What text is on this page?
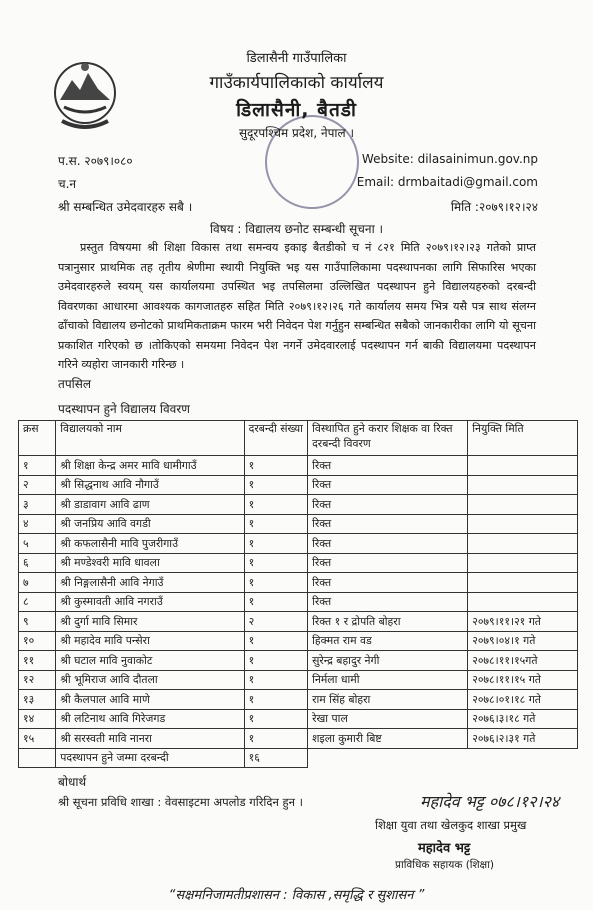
डिलासैनी गाउँपालिका
गाउँकार्यपालिकाको कार्यालय
डिलासैनी, बैतडी
सुदूरपश्चिम प्रदेश, नेपाल ।
प.स. २०७९।०८०
च.न
श्री सम्बन्धित उमेदवारहरु सबै ।
Website: dilasainimun.gov.np
Email: drmbaitadi@gmail.com
मिति :२०७९।१२।२४
विषय : विद्यालय छनोट सम्बन्धी सूचना ।
प्रस्तुत विषयमा श्री शिक्षा विकास तथा समन्वय इकाइ बैतडीको च नं ८२१ मिति २०७९।१२।२३ गतेको प्राप्त पत्रानुसार प्राथमिक तह तृतीय श्रेणीमा स्थायी नियुक्ति भइ यस गाउँपालिकामा पदस्थापनका लागि सिफारिस भएका उमेदवारहरुले स्वयम् यस कार्यालयमा उपस्थित भइ तपसिलमा उल्लिखित पदस्थापन हुने विद्यालयहरुको दरबन्दी विवरणका आधारमा आवश्यक कागजातहरु सहित मिति २०७९।१२।२६ गते कार्यालय समय भित्र यसै पत्र साथ संलग्न ढाँचाको विद्यालय छनोटको प्राथमिकताक्रम फारम भरी निवेदन पेश गर्नुहुन सम्बन्धित सबैको जानकारीका लागि यो सूचना प्रकाशित गरिएको छ ।तोकिएको समयमा निवेदन पेश नगर्ने उमेदवारलाई पदस्थापन गर्न बाकी विद्यालयमा पदस्थापन गरिने व्यहोरा जानकारी गरिन्छ ।
तपसिल
पदस्थापन हुने विद्यालय विवरण
क्रस	विद्यालयको नाम	दरबन्दी संख्या	विस्थापित हुने करार शिक्षक वा रिक्त दरबन्दी विवरण	नियुक्ति मिति
१	श्री शिक्षा केन्द्र अमर मावि धामीगाउँ	१	रिक्त	
२	श्री सिद्धनाथ आवि नौगाउँ	१	रिक्त	
३	श्री डाडावाग आवि ढाण	१	रिक्त	
४	श्री जनप्रिय आवि वगडी	१	रिक्त	
५	श्री कफलासैनी मावि पुजरीगाउँ	१	रिक्त	
६	श्री मण्डेश्वरी मावि धावला	१	रिक्त	
७	श्री निङ्गलासैनी आवि नेगाउँ	१	रिक्त	
८	श्री कुस्मावती आवि नगराउँ	१	रिक्त	
९	श्री दुर्गा मावि सिमार	२	रिक्त १ र द्रोपति बोहरा	२०७९।११।२१ गते
१०	श्री महादेव मावि पन्सेरा	१	हिक्मत राम वड	२०७९।०४।१ गते
११	श्री घटाल मावि नुवाकोट	१	सुरेन्द्र बहादुर नेगी	२०७८।११।१५गते
१२	श्री भूमिराज आवि दौतला	१	निर्मला धामी	२०७८।११।१५ गते
१३	श्री कैलपाल आवि माणे	१	राम सिंह बोहरा	२०७८।०१।१८ गते
१४	श्री लटिनाथ आवि गिरेजगड	१	रेखा पाल	२०७६।३।१८ गते
१५	श्री सरस्वती मावि नानरा	१	शइला कुमारी बिष्ट	२०७६।२।३१ गते
	पदस्थापन हुने जम्मा दरबन्दी	१६		
बोधार्थ
श्री सूचना प्रविधि शाखा : वेवसाइटमा अपलोड गरिदिन हुन ।	महादेव भट्ट ०७८।१२।२४
शिक्षा युवा तथा खेलकुद शाखा प्रमुख
महादेव भट्ट
प्राविधिक सहायक (शिक्षा)
“सक्षमनिजामतीप्रशासन : विकास ,समृद्धि र सुशासन ”
